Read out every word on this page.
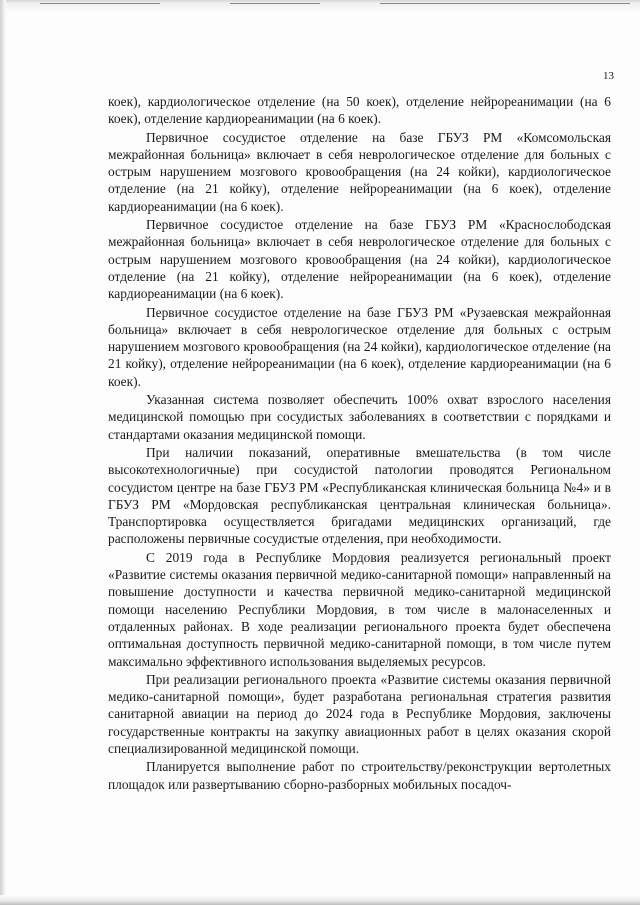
13

коек), кардиологическое отделение (на 50 коек), отделение нейрореанимации (на 6 коек), отделение кардиореанимации (на 6 коек).

Первичное сосудистое отделение на базе ГБУЗ РМ «Комсомольская межрайонная больница» включает в себя неврологическое отделение для больных с острым нарушением мозгового кровообращения (на 24 койки), кардиологическое отделение (на 21 койку), отделение нейрореанимации (на 6 коек), отделение кардиореанимации (на 6 коек).

Первичное сосудистое отделение на базе ГБУЗ РМ «Краснослободская межрайонная больница» включает в себя неврологическое отделение для больных с острым нарушением мозгового кровообращения (на 24 койки), кардиологическое отделение (на 21 койку), отделение нейрореанимации (на 6 коек), отделение кардиореанимации (на 6 коек).

Первичное сосудистое отделение на базе ГБУЗ РМ «Рузаевская межрайонная больница» включает в себя неврологическое отделение для больных с острым нарушением мозгового кровообращения (на 24 койки), кардиологическое отделение (на 21 койку), отделение нейрореанимации (на 6 коек), отделение кардиореанимации (на 6 коек).

Указанная система позволяет обеспечить 100% охват взрослого населения медицинской помощью при сосудистых заболеваниях в соответствии с порядками и стандартами оказания медицинской помощи.

При наличии показаний, оперативные вмешательства (в том числе высокотехнологичные) при сосудистой патологии проводятся Региональном сосудистом центре на базе ГБУЗ РМ «Республиканская клиническая больница №4» и в ГБУЗ РМ «Мордовская республиканская центральная клиническая больница». Транспортировка осуществляется бригадами медицинских организаций, где расположены первичные сосудистые отделения, при необходимости.

С 2019 года в Республике Мордовия реализуется региональный проект «Развитие системы оказания первичной медико-санитарной помощи» направленный на повышение доступности и качества первичной медико-санитарной медицинской помощи населению Республики Мордовия, в том числе в малонаселенных и отдаленных районах. В ходе реализации регионального проекта будет обеспечена оптимальная доступность первичной медико-санитарной помощи, в том числе путем максимально эффективного использования выделяемых ресурсов.

При реализации регионального проекта «Развитие системы оказания первичной медико-санитарной помощи», будет разработана региональная стратегия развития санитарной авиации на период до 2024 года в Республике Мордовия, заключены государственные контракты на закупку авиационных работ в целях оказания скорой специализированной медицинской помощи.

Планируется выполнение работ по строительству/реконструкции вертолетных площадок или развертыванию сборно-разборных мобильных посадоч-
